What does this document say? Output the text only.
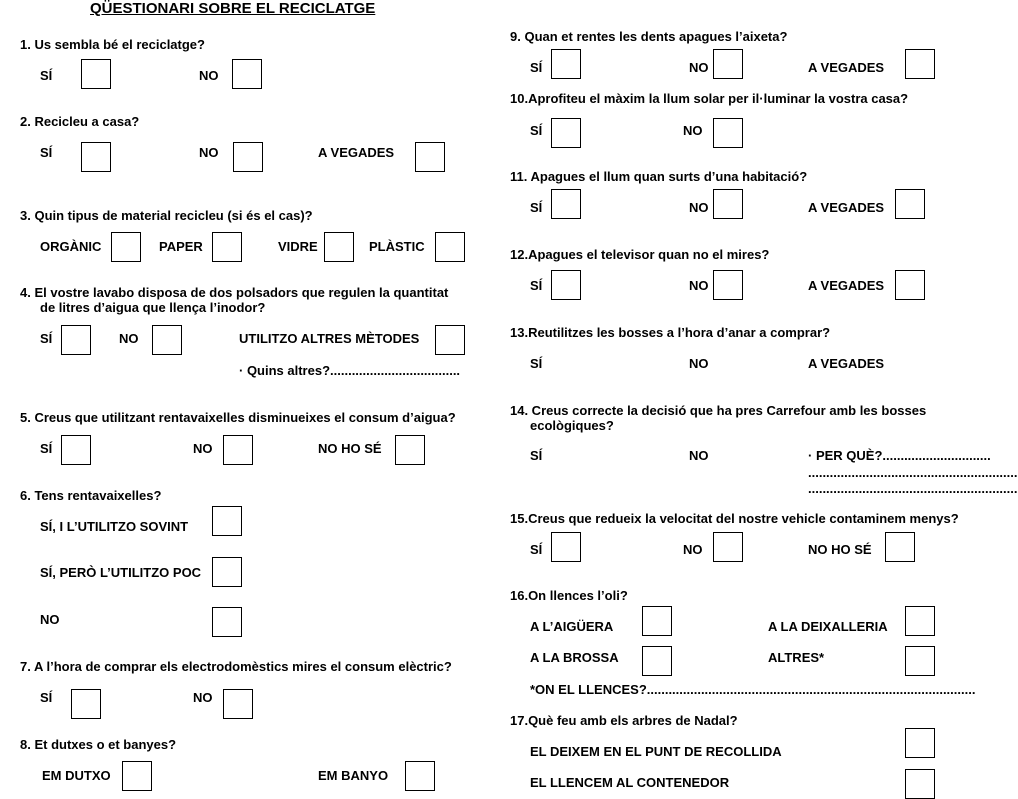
QÜESTIONARI SOBRE EL RECICLATGE
1. Us sembla bé el reciclatge?
SÍ	NO
2. Recicleu a casa?
SÍ	NO	A VEGADES
3. Quin tipus de material recicleu (si és el cas)?
ORGÀNIC	PAPER	VIDRE	PLÀSTIC
4. El vostre lavabo disposa de dos polsadors que regulen la quantitat
de litres d’aigua que llença l’inodor?
SÍ	NO	UTILITZO ALTRES MÈTODES
· Quins altres?....................................
5. Creus que utilitzant rentavaixelles disminueixes el consum d’aigua?
SÍ	NO	NO HO SÉ
6. Tens rentavaixelles?
SÍ, I L’UTILITZO SOVINT
SÍ, PERÒ L’UTILITZO POC
NO
7. A l’hora de comprar els electrodomèstics mires el consum elèctric?
SÍ	NO
8. Et dutxes o et banyes?
EM DUTXO	EM BANYO
9. Quan et rentes les dents apagues l’aixeta?
SÍ	NO	A VEGADES
10.Aprofiteu el màxim la llum solar per il·luminar la vostra casa?
SÍ	NO
11. Apagues el llum quan surts d’una habitació?
SÍ	NO	A VEGADES
12.Apagues el televisor quan no el mires?
SÍ	NO	A VEGADES
13.Reutilitzes les bosses a l’hora d’anar a comprar?
SÍ	NO	A VEGADES
14. Creus correcte la decisió que ha pres Carrefour amb les bosses
ecològiques?
SÍ	NO	· PER QUÈ?..............................
..........................................................
..........................................................
15.Creus que redueix la velocitat del nostre vehicle contaminem menys?
SÍ	NO	NO HO SÉ
16.On llences l’oli?
A L’AIGÜERA	A LA DEIXALLERIA
A LA BROSSA	ALTRES*
*ON EL LLENCES?...........................................................................................
17.Què feu amb els arbres de Nadal?
EL DEIXEM EN EL PUNT DE RECOLLIDA
EL LLENCEM AL CONTENEDOR
